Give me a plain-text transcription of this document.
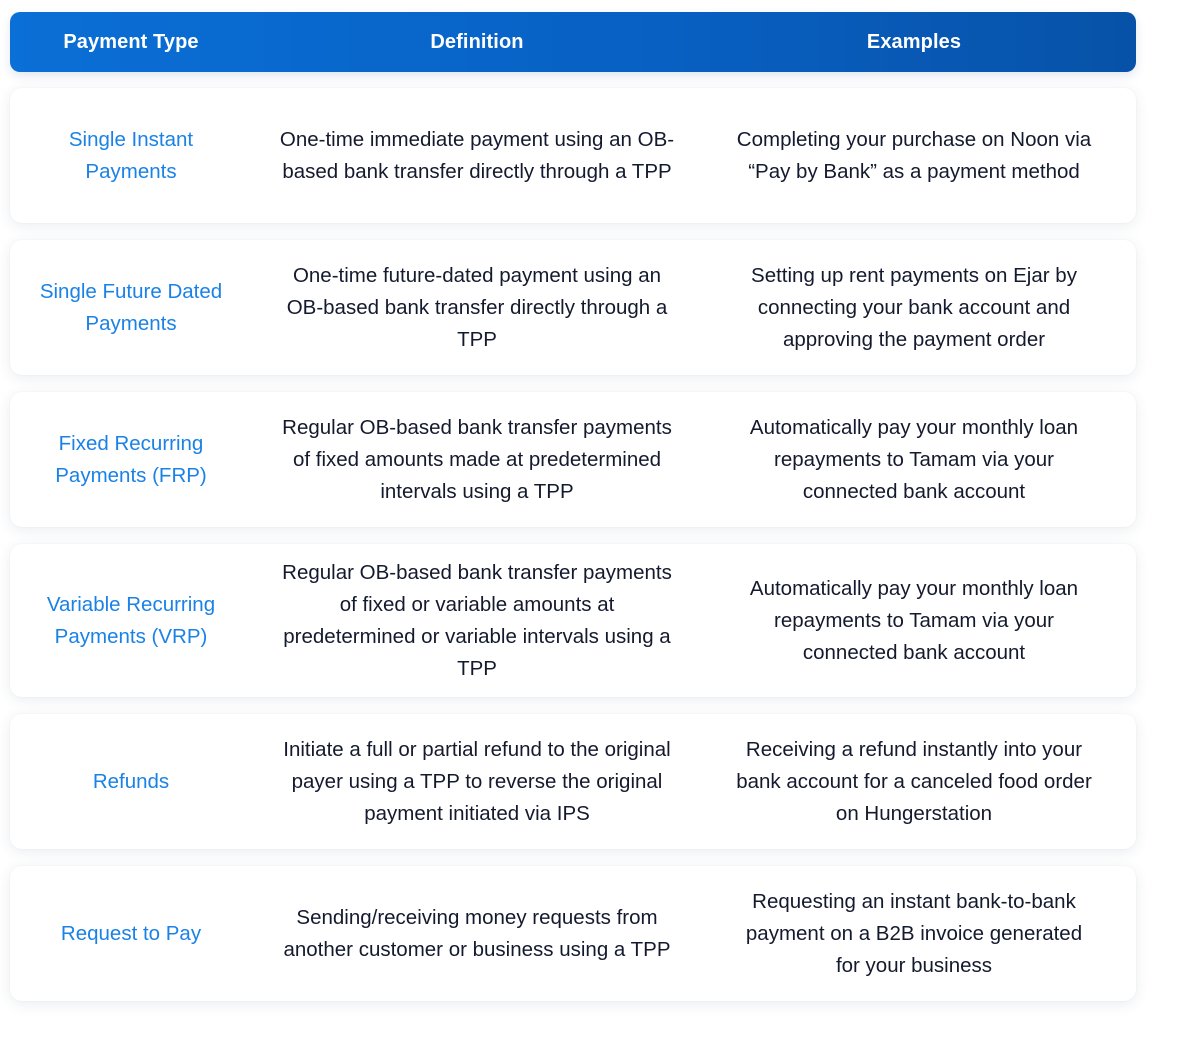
Payment Type	Definition	Examples
Single Instant Payments
One-time immediate payment using an OB-based bank transfer directly through a TPP
Completing your purchase on Noon via “Pay by Bank” as a payment method
Single Future Dated Payments
One-time future-dated payment using an OB-based bank transfer directly through a TPP
Setting up rent payments on Ejar by connecting your bank account and approving the payment order
Fixed Recurring Payments (FRP)
Regular OB-based bank transfer payments of fixed amounts made at predetermined intervals using a TPP
Automatically pay your monthly loan repayments to Tamam via your connected bank account
Variable Recurring Payments (VRP)
Regular OB-based bank transfer payments of fixed or variable amounts at predetermined or variable intervals using a TPP
Automatically pay your monthly loan repayments to Tamam via your connected bank account
Refunds
Initiate a full or partial refund to the original payer using a TPP to reverse the original payment initiated via IPS
Receiving a refund instantly into your bank account for a canceled food order on Hungerstation
Request to Pay
Sending/receiving money requests from another customer or business using a TPP
Requesting an instant bank-to-bank payment on a B2B invoice generated for your business
